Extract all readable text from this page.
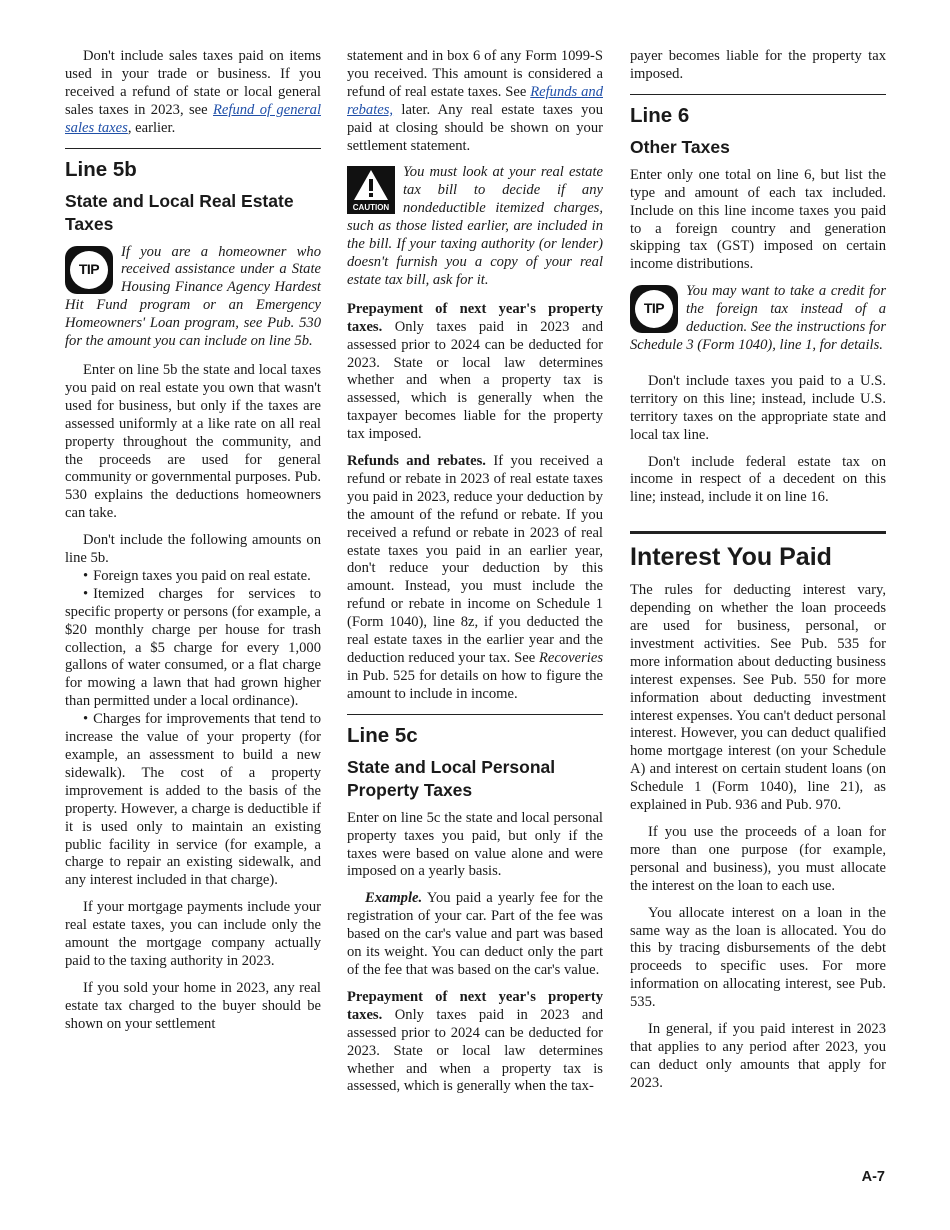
Don't include sales taxes paid on items used in your trade or business. If you received a refund of state or local general sales taxes in 2023, see Refund of general sales taxes, earlier.

Line 5b
State and Local Real Estate Taxes
TIP
If you are a homeowner who received assistance under a State Housing Finance Agency Hardest Hit Fund program or an Emergency Homeowners' Loan program, see Pub. 530 for the amount you can include on line 5b.

Enter on line 5b the state and local taxes you paid on real estate you own that wasn't used for business, but only if the taxes are assessed uniformly at a like rate on all real property throughout the community, and the proceeds are used for general community or governmental purposes. Pub. 530 explains the deductions homeowners can take.

Don't include the following amounts on line 5b.

• Foreign taxes you paid on real estate.

• Itemized charges for services to specific property or persons (for example, a $20 monthly charge per house for trash collection, a $5 charge for every 1,000 gallons of water consumed, or a flat charge for mowing a lawn that had grown higher than permitted under a local ordinance).

• Charges for improvements that tend to increase the value of your property (for example, an assessment to build a new sidewalk). The cost of a property improvement is added to the basis of the property. However, a charge is deductible if it is used only to maintain an existing public facility in service (for example, a charge to repair an existing sidewalk, and any interest included in that charge).

If your mortgage payments include your real estate taxes, you can include only the amount the mortgage company actually paid to the taxing authority in 2023.

If you sold your home in 2023, any real estate tax charged to the buyer should be shown on your settlement

statement and in box 6 of any Form 1099-S you received. This amount is considered a refund of real estate taxes. See Refunds and rebates, later. Any real estate taxes you paid at closing should be shown on your settlement statement.

CAUTION
You must look at your real estate tax bill to decide if any nondeductible itemized charges, such as those listed earlier, are included in the bill. If your taxing authority (or lender) doesn't furnish you a copy of your real estate tax bill, ask for it.

Prepayment of next year's property taxes. Only taxes paid in 2023 and assessed prior to 2024 can be deducted for 2023. State or local law determines whether and when a property tax is assessed, which is generally when the taxpayer becomes liable for the property tax imposed.

Refunds and rebates. If you received a refund or rebate in 2023 of real estate taxes you paid in 2023, reduce your deduction by the amount of the refund or rebate. If you received a refund or rebate in 2023 of real estate taxes you paid in an earlier year, don't reduce your deduction by this amount. Instead, you must include the refund or rebate in income on Schedule 1 (Form 1040), line 8z, if you deducted the real estate taxes in the earlier year and the deduction reduced your tax. See Recoveries in Pub. 525 for details on how to figure the amount to include in income.

Line 5c
State and Local Personal Property Taxes

Enter on line 5c the state and local personal property taxes you paid, but only if the taxes were based on value alone and were imposed on a yearly basis.

Example. You paid a yearly fee for the registration of your car. Part of the fee was based on the car's value and part was based on its weight. You can deduct only the part of the fee that was based on the car's value.

Prepayment of next year's property taxes. Only taxes paid in 2023 and assessed prior to 2024 can be deducted for 2023. State or local law determines whether and when a property tax is assessed, which is generally when the tax-

payer becomes liable for the property tax imposed.

Line 6
Other Taxes

Enter only one total on line 6, but list the type and amount of each tax included. Include on this line income taxes you paid to a foreign country and generation skipping tax (GST) imposed on certain income distributions.

TIP
You may want to take a credit for the foreign tax instead of a deduction. See the instructions for Schedule 3 (Form 1040), line 1, for details.

Don't include taxes you paid to a U.S. territory on this line; instead, include U.S. territory taxes on the appropriate state and local tax line.

Don't include federal estate tax on income in respect of a decedent on this line; instead, include it on line 16.

Interest You Paid

The rules for deducting interest vary, depending on whether the loan proceeds are used for business, personal, or investment activities. See Pub. 535 for more information about deducting business interest expenses. See Pub. 550 for more information about deducting investment interest expenses. You can't deduct personal interest. However, you can deduct qualified home mortgage interest (on your Schedule A) and interest on certain student loans (on Schedule 1 (Form 1040), line 21), as explained in Pub. 936 and Pub. 970.

If you use the proceeds of a loan for more than one purpose (for example, personal and business), you must allocate the interest on the loan to each use.

You allocate interest on a loan in the same way as the loan is allocated. You do this by tracing disbursements of the debt proceeds to specific uses. For more information on allocating interest, see Pub. 535.

In general, if you paid interest in 2023 that applies to any period after 2023, you can deduct only amounts that apply for 2023.

A-7
